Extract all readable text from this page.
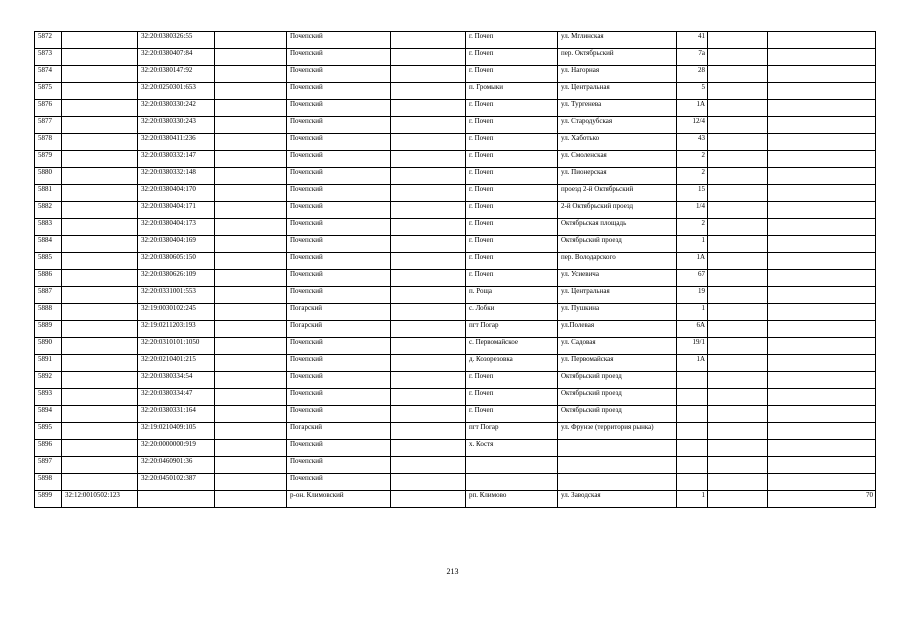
5872		32:20:0380326:55		Почепский		г. Почеп	ул. Мглинская	41		
5873		32:20:0380407:84		Почепский		г. Почеп	пер. Октябрьский	7а		
5874		32:20:0380147:92		Почепский		г. Почеп	ул. Нагорная	28		
5875		32:20:0250301:653		Почепский		п. Громыки	ул. Центральная	5		
5876		32:20:0380330:242		Почепский		г. Почеп	ул. Тургенева	1А		
5877		32:20:0380330:243		Почепский		г. Почеп	ул. Стародубская	12/4		
5878		32:20:0380411:236		Почепский		г. Почеп	ул. Хаботько	43		
5879		32:20:0380332:147		Почепский		г. Почеп	ул. Смоленская	2		
5880		32:20:0380332:148		Почепский		г. Почеп	ул. Пионерская	2		
5881		32:20:0380404:170		Почепский		г. Почеп	проезд 2-й Октябрьский	15		
5882		32:20:0380404:171		Почепский		г. Почеп	2-й Октябрьский проезд	1/4		
5883		32:20:0380404:173		Почепский		г. Почеп	Октябрьская площадь	2		
5884		32:20:0380404:169		Почепский		г. Почеп	Октябрьский проезд	1		
5885		32:20:0380605:150		Почепский		г. Почеп	пер. Володарского	1А		
5886		32:20:0380626:109		Почепский		г. Почеп	ул. Усиевича	67		
5887		32:20:0331001:553		Почепский		п. Роща	ул. Центральная	19		
5888		32:19:0030102:245		Погарский		с. Лобки	ул. Пушкина	1		
5889		32:19:0211203:193		Погарский		пгт Погар	ул.Полевая	6А		
5890		32:20:0310101:1050		Почепский		с. Первомайское	ул. Садовая	19/1		
5891		32:20:0210401:215		Почепский		д. Козорезовка	ул. Первомайская	1А		
5892		32:20:0380334:54		Почепский		г. Почеп	Октябрьский проезд			
5893		32:20:0380334:47		Почепский		г. Почеп	Октябрьский проезд			
5894		32:20:0380331:164		Почепский		г. Почеп	Октябрьский проезд			
5895		32:19:0210409:105		Погарский		пгт Погар	ул. Фрунзе (территория рынка)			
5896		32:20:0000000:919		Почепский		х. Костя				
5897		32:20:0460901:36		Почепский						
5898		32:20:0450102:387		Почепский						
5899	32:12:0010502:123			р-он. Климовский		рп. Климово	ул. Заводская	1		70
213
